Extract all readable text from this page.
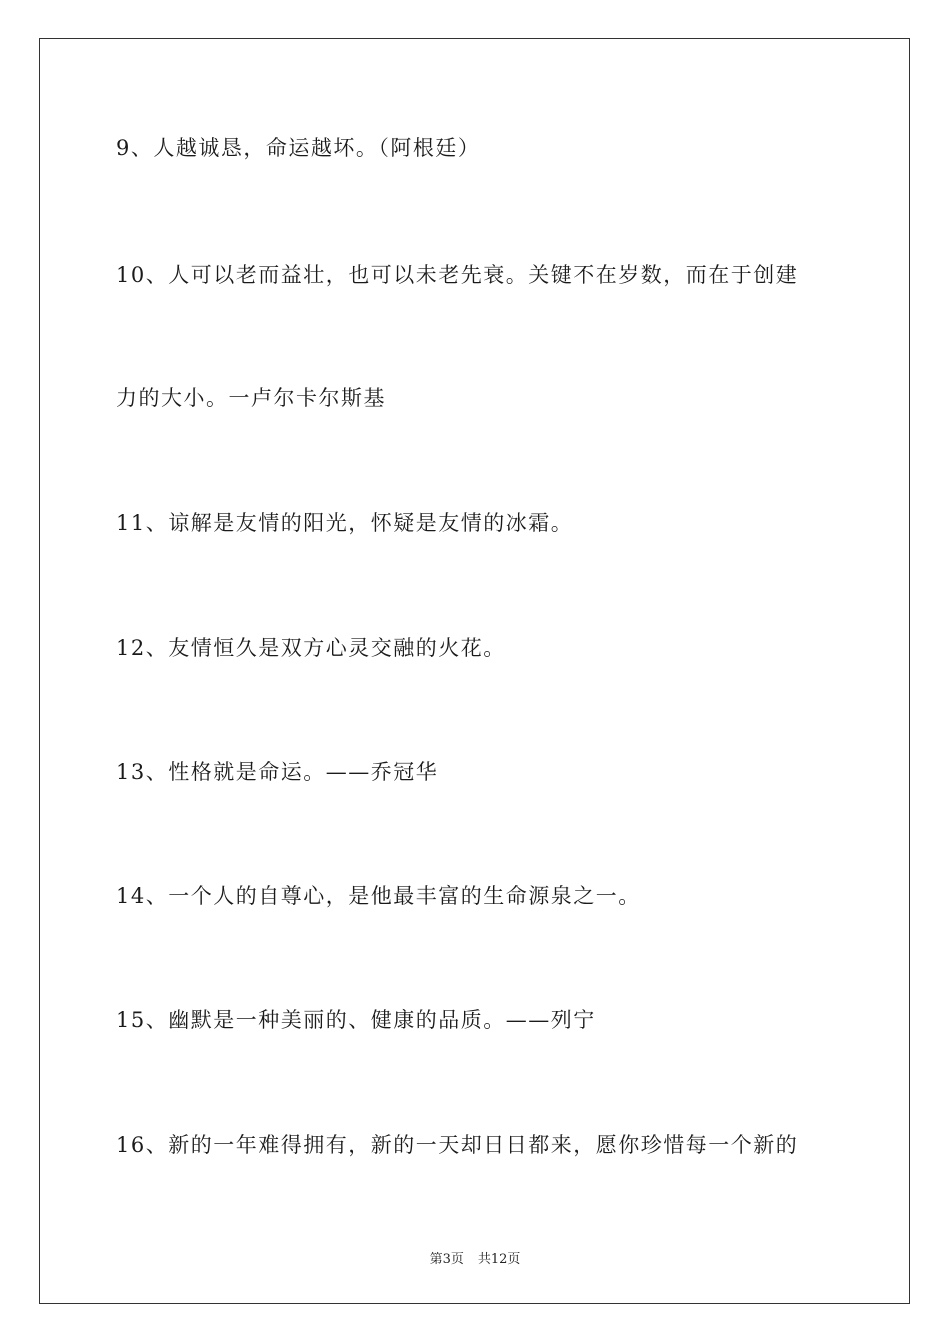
9、人越诚恳，命运越坏。（阿根廷）
10、人可以老而益壮，也可以未老先衰。关键不在岁数，而在于创建
力的大小。一卢尔卡尔斯基
11、谅解是友情的阳光，怀疑是友情的冰霜。
12、友情恒久是双方心灵交融的火花。
13、性格就是命运。——乔冠华
14、一个人的自尊心，是他最丰富的生命源泉之一。
15、幽默是一种美丽的、健康的品质。——列宁
16、新的一年难得拥有，新的一天却日日都来，愿你珍惜每一个新的
第3页 共12页
